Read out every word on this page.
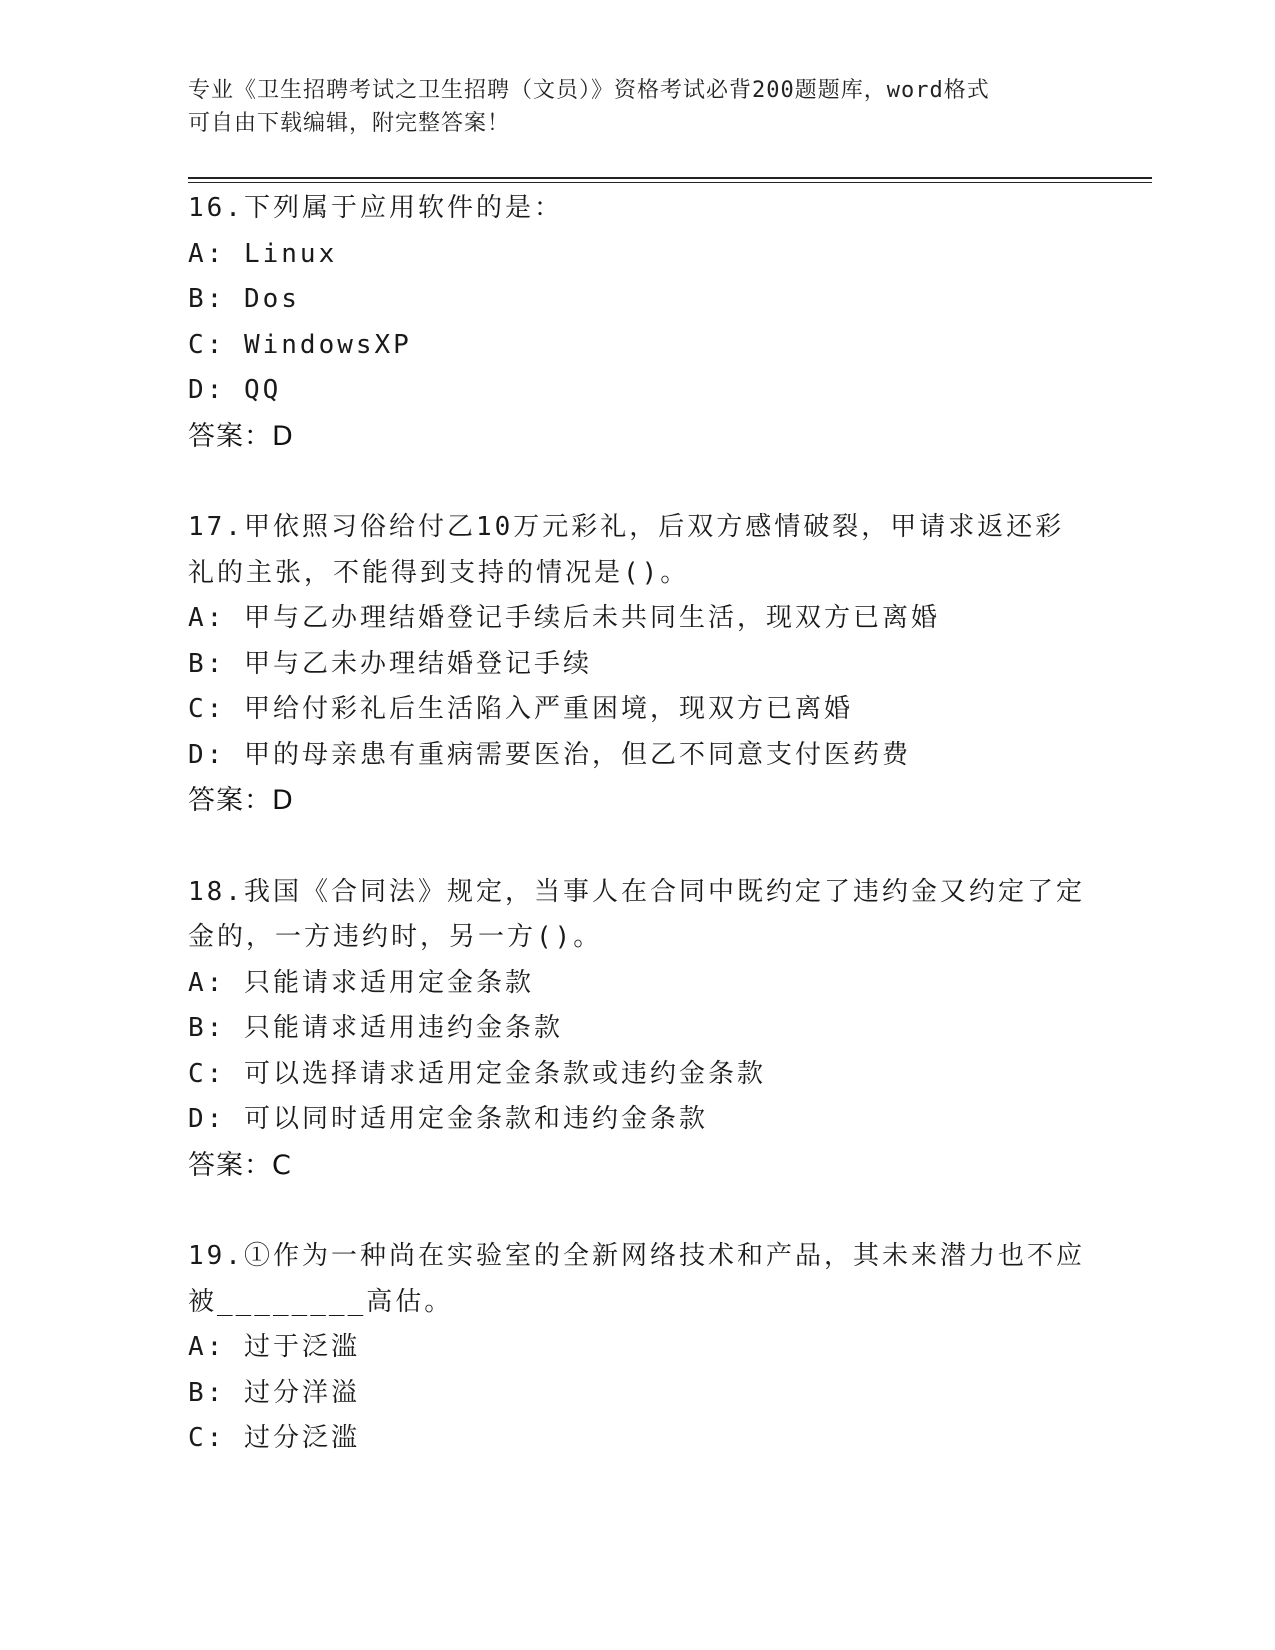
专业《卫生招聘考试之卫生招聘（文员）》资格考试必背200题题库，word格式
可自由下载编辑，附完整答案！
16.下列属于应用软件的是：
A: Linux
B: Dos
C: WindowsXP
D: QQ
答案：D
17.甲依照习俗给付乙10万元彩礼，后双方感情破裂，甲请求返还彩
礼的主张，不能得到支持的情况是()。
A: 甲与乙办理结婚登记手续后未共同生活，现双方已离婚
B: 甲与乙未办理结婚登记手续
C: 甲给付彩礼后生活陷入严重困境，现双方已离婚
D: 甲的母亲患有重病需要医治，但乙不同意支付医药费
答案：D
18.我国《合同法》规定，当事人在合同中既约定了违约金又约定了定
金的，一方违约时，另一方()。
A: 只能请求适用定金条款
B: 只能请求适用违约金条款
C: 可以选择请求适用定金条款或违约金条款
D: 可以同时适用定金条款和违约金条款
答案：C
19.①作为一种尚在实验室的全新网络技术和产品，其未来潜力也不应
被________高估。
A: 过于泛滥
B: 过分洋溢
C: 过分泛滥
